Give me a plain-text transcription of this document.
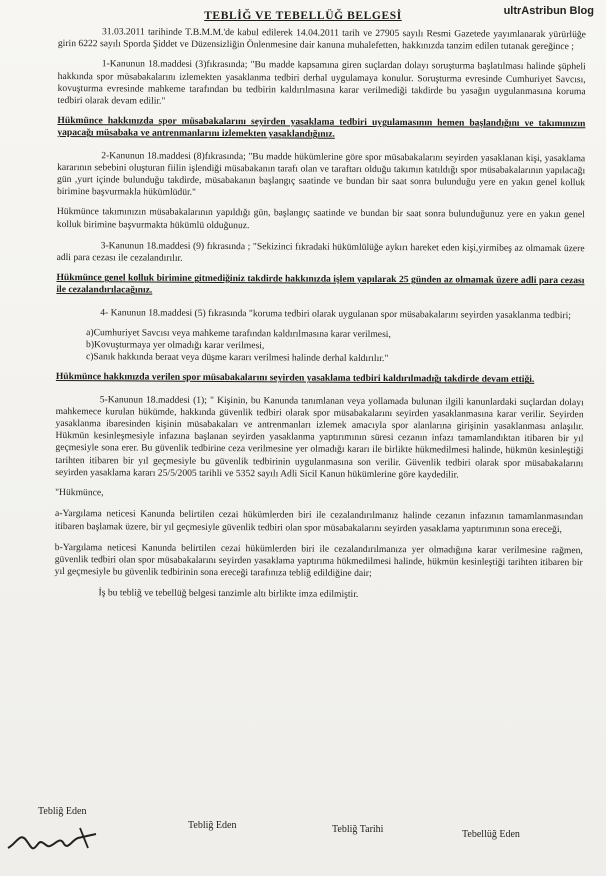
ultrAstribun Blog
TEBLİĞ VE TEBELLÜĞ BELGESİ

31.03.2011 tarihinde T.B.M.M.'de kabul edilerek 14.04.2011 tarih ve 27905 sayılı Resmi Gazetede yayımlanarak yürürlüğe girin 6222 sayılı Sporda Şiddet ve Düzensizliğin Önlenmesine dair kanuna muhalefetten, hakkınızda tanzim edilen tutanak gereğince ;

1-Kanunun 18.maddesi (3)fıkrasında; "Bu madde kapsamına giren suçlardan dolayı soruşturma başlatılması halinde şüpheli hakkında spor müsabakalarını izlemekten yasaklanma tedbiri derhal uygulamaya konulur. Soruşturma evresinde Cumhuriyet Savcısı, kovuşturma evresinde mahkeme tarafından bu tedbirin kaldırılmasına karar verilmediği takdirde bu yasağın uygulanmasına koruma tedbiri olarak devam edilir."

Hükmünce hakkınızda spor müsabakalarını seyirden yasaklama tedbiri uygulamasının hemen başlandığını ve takımınızın yapacağı müsabaka ve antrenmanlarını izlemekten yasaklandığınız.

2-Kanunun 18.maddesi (8)fıkrasında; "Bu madde hükümlerine göre spor müsabakalarını seyirden yasaklanan kişi, yasaklama kararının sebebini oluşturan fiilin işlendiği müsabakanın tarafı olan ve taraftarı olduğu takımın katıldığı spor müsabakalarının yapılacağı gün ,yurt içinde bulunduğu takdirde, müsabakanın başlangıç saatinde ve bundan bir saat sonra bulunduğu yere en yakın genel kolluk birimine başvurmakla hükümlüdür."

Hükmünce takımınızın müsabakalarının yapıldığı gün, başlangıç saatinde ve bundan bir saat sonra bulunduğunuz yere en yakın genel kolluk birimine başvurmakta hükümlü olduğunuz.

3-Kanunun 18.maddesi (9) fıkrasında ; "Sekizinci fıkradaki hükümlülüğe aykırı hareket eden kişi,yirmibeş az olmamak üzere adli para cezası ile cezalandırılır.

Hükmünce genel kolluk birimine gitmediğiniz takdirde hakkınızda işlem yapılarak 25 günden az olmamak üzere adli para cezası ile cezalandırılacağınız.

4- Kanunun 18.maddesi (5) fıkrasında "koruma tedbiri olarak uygulanan spor müsabakalarını seyirden yasaklanma tedbiri;

a)Cumhuriyet Savcısı veya mahkeme tarafından kaldırılmasına karar verilmesi,
b)Kovuşturmaya yer olmadığı karar verilmesi,
c)Sanık hakkında beraat veya düşme kararı verilmesi halinde derhal kaldırılır."

Hükmünce hakkınızda verilen spor müsabakalarını seyirden yasaklama tedbiri kaldırılmadığı takdirde devam ettiği.

5-Kanunun 18.maddesi (1); " Kişinin, bu Kanunda tanımlanan veya yollamada bulunan ilgili kanunlardaki suçlardan dolayı mahkemece kurulan hükümde, hakkında güvenlik tedbiri olarak spor müsabakalarını seyirden yasaklanmasına karar verilir. Seyirden yasaklanma ibaresinden kişinin müsabakaları ve antrenmanları izlemek amacıyla spor alanlarına girişinin yasaklanması anlaşılır. Hükmün kesinleşmesiyle infazına başlanan seyirden yasaklanma yaptırımının süresi cezanın infazı tamamlandıktan itibaren bir yıl geçmesiyle sona erer. Bu güvenlik tedbirine ceza verilmesine yer olmadığı kararı ile birlikte hükmedilmesi halinde, hükmün kesinleştiği tarihten itibaren bir yıl geçmesiyle bu güvenlik tedbirinin uygulanmasına son verilir. Güvenlik tedbiri olarak spor müsabakalarını seyirden yasaklama kararı 25/5/2005 tarihli ve 5352 sayılı Adli Sicil Kanun hükümlerine göre kaydedilir.

"Hükmünce,

a-Yargılama neticesi Kanunda belirtilen cezai hükümlerden biri ile cezalandırılmanız halinde cezanın infazının tamamlanmasından itibaren başlamak üzere, bir yıl geçmesiyle güvenlik tedbiri olan spor müsabakalarını seyirden yasaklama yaptırımının sona ereceği,

b-Yargılama neticesi Kanunda belirtilen cezai hükümlerden biri ile cezalandırılmanıza yer olmadığına karar verilmesine rağmen, güvenlik tedbiri olan spor müsabakalarını seyirden yasaklama yaptırıma hükmedilmesi halinde, hükmün kesinleştiği tarihten itibaren bir yıl geçmesiyle bu güvenlik tedbirinin sona ereceği tarafınıza tebliğ edildiğine dair;

İş bu tebliğ ve tebellüğ belgesi tanzimle altı birlikte imza edilmiştir.

Tebliğ Eden
Tebliğ Eden	Tebliğ Tarihi	Tebellüğ Eden
